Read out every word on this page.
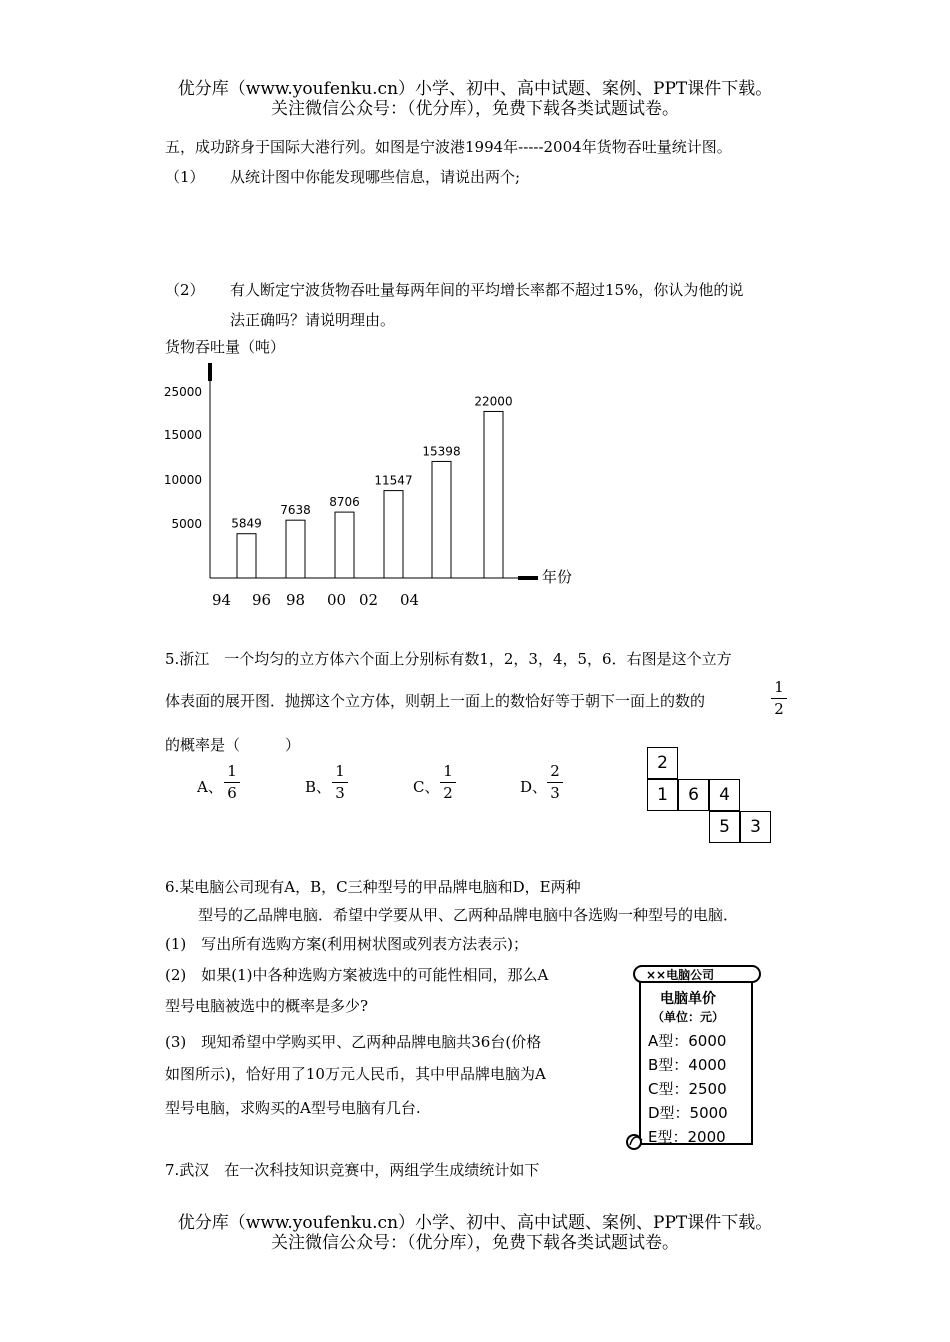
优分库（www.youfenku.cn）小学、初中、高中试题、案例、PPT课件下载。
关注微信公众号：（优分库），免费下载各类试题试卷。
五，成功跻身于国际大港行列。如图是宁波港1994年-----2004年货物吞吐量统计图。
（1） 从统计图中你能发现哪些信息，请说出两个;
（2） 有人断定宁波货物吞吐量每两年间的平均增长率都不超过15%，你认为他的说
法正确吗？请说明理由。
货物吞吐量（吨）
25000
15000
10000
5000 5849
7638
8706
11547
15398
22000
94 96 98 00 02 04
年份
5.浙江　一个均匀的立方体六个面上分别标有数1，2，3，4，5，6．右图是这个立方
体表面的展开图．抛掷这个立方体，则朝上一面上的数恰好等于朝下一面上的数的
1
2
的概率是（　　　）
A、
1
6	B、
1
3	C、
1
2	D、
2
3
2
1	6	4
5	3
6.某电脑公司现有A，B，C三种型号的甲品牌电脑和D，E两种
型号的乙品牌电脑．希望中学要从甲、乙两种品牌电脑中各选购一种型号的电脑．
(1)　写出所有选购方案(利用树状图或列表方法表示)；
(2)　如果(1)中各种选购方案被选中的可能性相同，那么A
型号电脑被选中的概率是多少?
(3)　现知希望中学购买甲、乙两种品牌电脑共36台(价格
如图所示)，恰好用了10万元人民币，其中甲品牌电脑为A
型号电脑，求购买的A型号电脑有几台.
××电脑公司
电脑单价
（单位：元）
A型：6000
B型：4000
C型：2500
D型：5000
E型：2000
7.武汉　在一次科技知识竞赛中，两组学生成绩统计如下
优分库（www.youfenku.cn）小学、初中、高中试题、案例、PPT课件下载。
关注微信公众号：（优分库），免费下载各类试题试卷。
